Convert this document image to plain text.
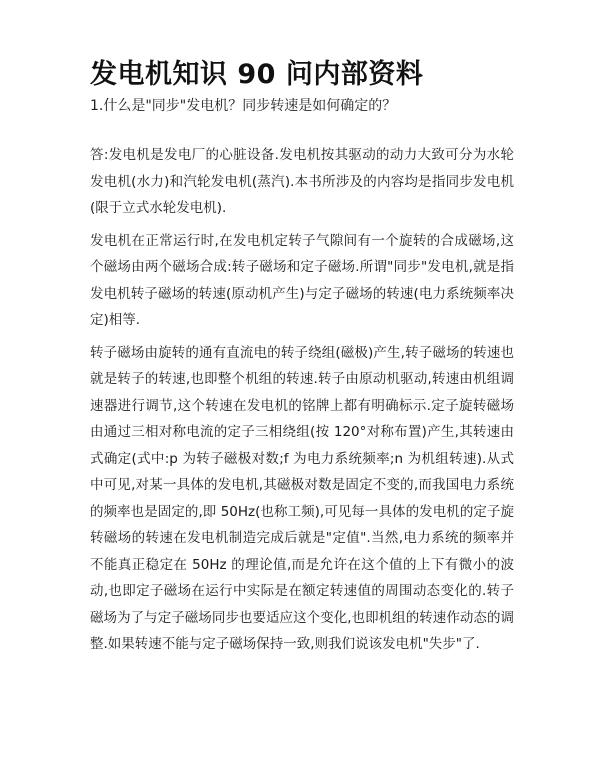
发电机知识 90 问内部资料
1.什么是"同步"发电机？同步转速是如何确定的？

答:发电机是发电厂的心脏设备.发电机按其驱动的动力大致可分为水轮发电机(水力)和汽轮发电机(蒸汽).本书所涉及的内容均是指同步发电机(限于立式水轮发电机).

发电机在正常运行时,在发电机定转子气隙间有一个旋转的合成磁场,这个磁场由两个磁场合成:转子磁场和定子磁场.所谓"同步"发电机,就是指发电机转子磁场的转速(原动机产生)与定子磁场的转速(电力系统频率决定)相等.

转子磁场由旋转的通有直流电的转子绕组(磁极)产生,转子磁场的转速也就是转子的转速,也即整个机组的转速.转子由原动机驱动,转速由机组调速器进行调节,这个转速在发电机的铭牌上都有明确标示.定子旋转磁场由通过三相对称电流的定子三相绕组(按 120°对称布置)产生,其转速由式确定(式中:p 为转子磁极对数;f 为电力系统频率;n 为机组转速).从式中可见,对某一具体的发电机,其磁极对数是固定不变的,而我国电力系统的频率也是固定的,即 50Hz(也称工频),可见每一具体的发电机的定子旋转磁场的转速在发电机制造完成后就是"定值".当然,电力系统的频率并不能真正稳定在 50Hz 的理论值,而是允许在这个值的上下有微小的波动,也即定子磁场在运行中实际是在额定转速值的周围动态变化的.转子磁场为了与定子磁场同步也要适应这个变化,也即机组的转速作动态的调整.如果转速不能与定子磁场保持一致,则我们说该发电机"失步"了.
